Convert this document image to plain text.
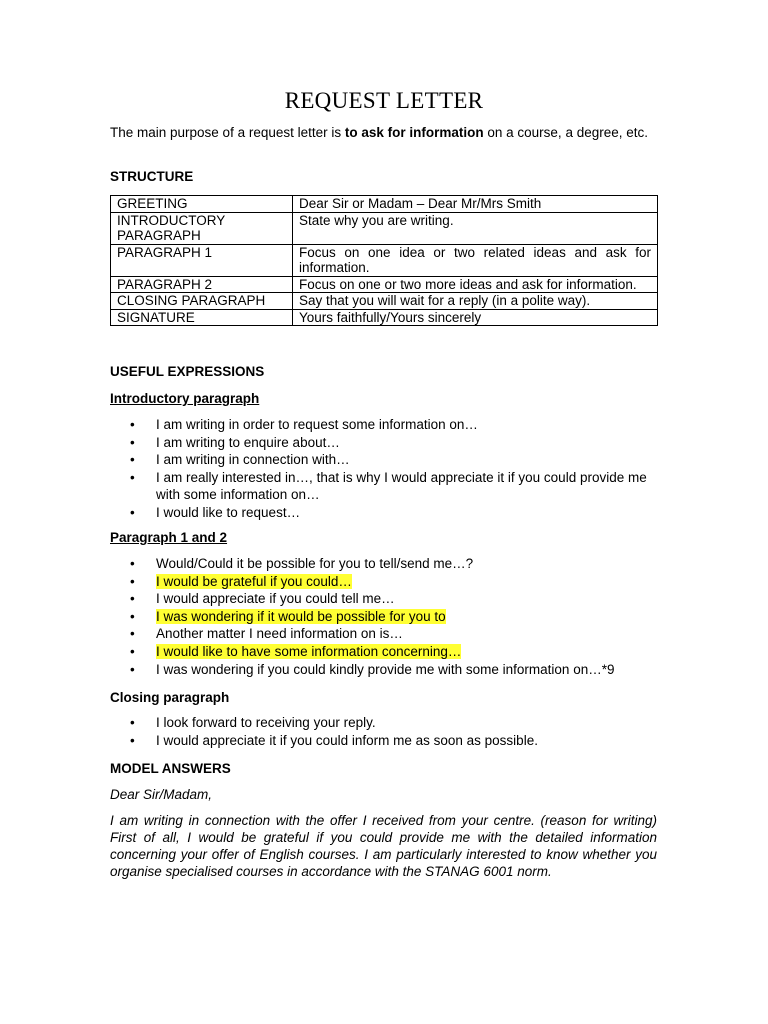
REQUEST LETTER
The main purpose of a request letter is to ask for information on a course, a degree, etc.
STRUCTURE
GREETING	Dear Sir or Madam – Dear Mr/Mrs Smith
INTRODUCTORY PARAGRAPH	State why you are writing.
PARAGRAPH 1	Focus on one idea or two related ideas and ask for information.
PARAGRAPH 2	Focus on one or two more ideas and ask for information.
CLOSING PARAGRAPH	Say that you will wait for a reply (in a polite way).
SIGNATURE	Yours faithfully/Yours sincerely
USEFUL EXPRESSIONS
Introductory paragraph
• I am writing in order to request some information on…
• I am writing to enquire about…
• I am writing in connection with…
• I am really interested in…, that is why I would appreciate it if you could provide me with some information on…
• I would like to request…
Paragraph 1 and 2
• Would/Could it be possible for you to tell/send me…?
• I would be grateful if you could…
• I would appreciate if you could tell me…
• I was wondering if it would be possible for you to
• Another matter I need information on is…
• I would like to have some information concerning…
• I was wondering if you could kindly provide me with some information on…*9
Closing paragraph
• I look forward to receiving your reply.
• I would appreciate it if you could inform me as soon as possible.
MODEL ANSWERS
Dear Sir/Madam,
I am writing in connection with the offer I received from your centre. (reason for writing) First of all, I would be grateful if you could provide me with the detailed information concerning your offer of English courses. I am particularly interested to know whether you organise specialised courses in accordance with the STANAG 6001 norm.
